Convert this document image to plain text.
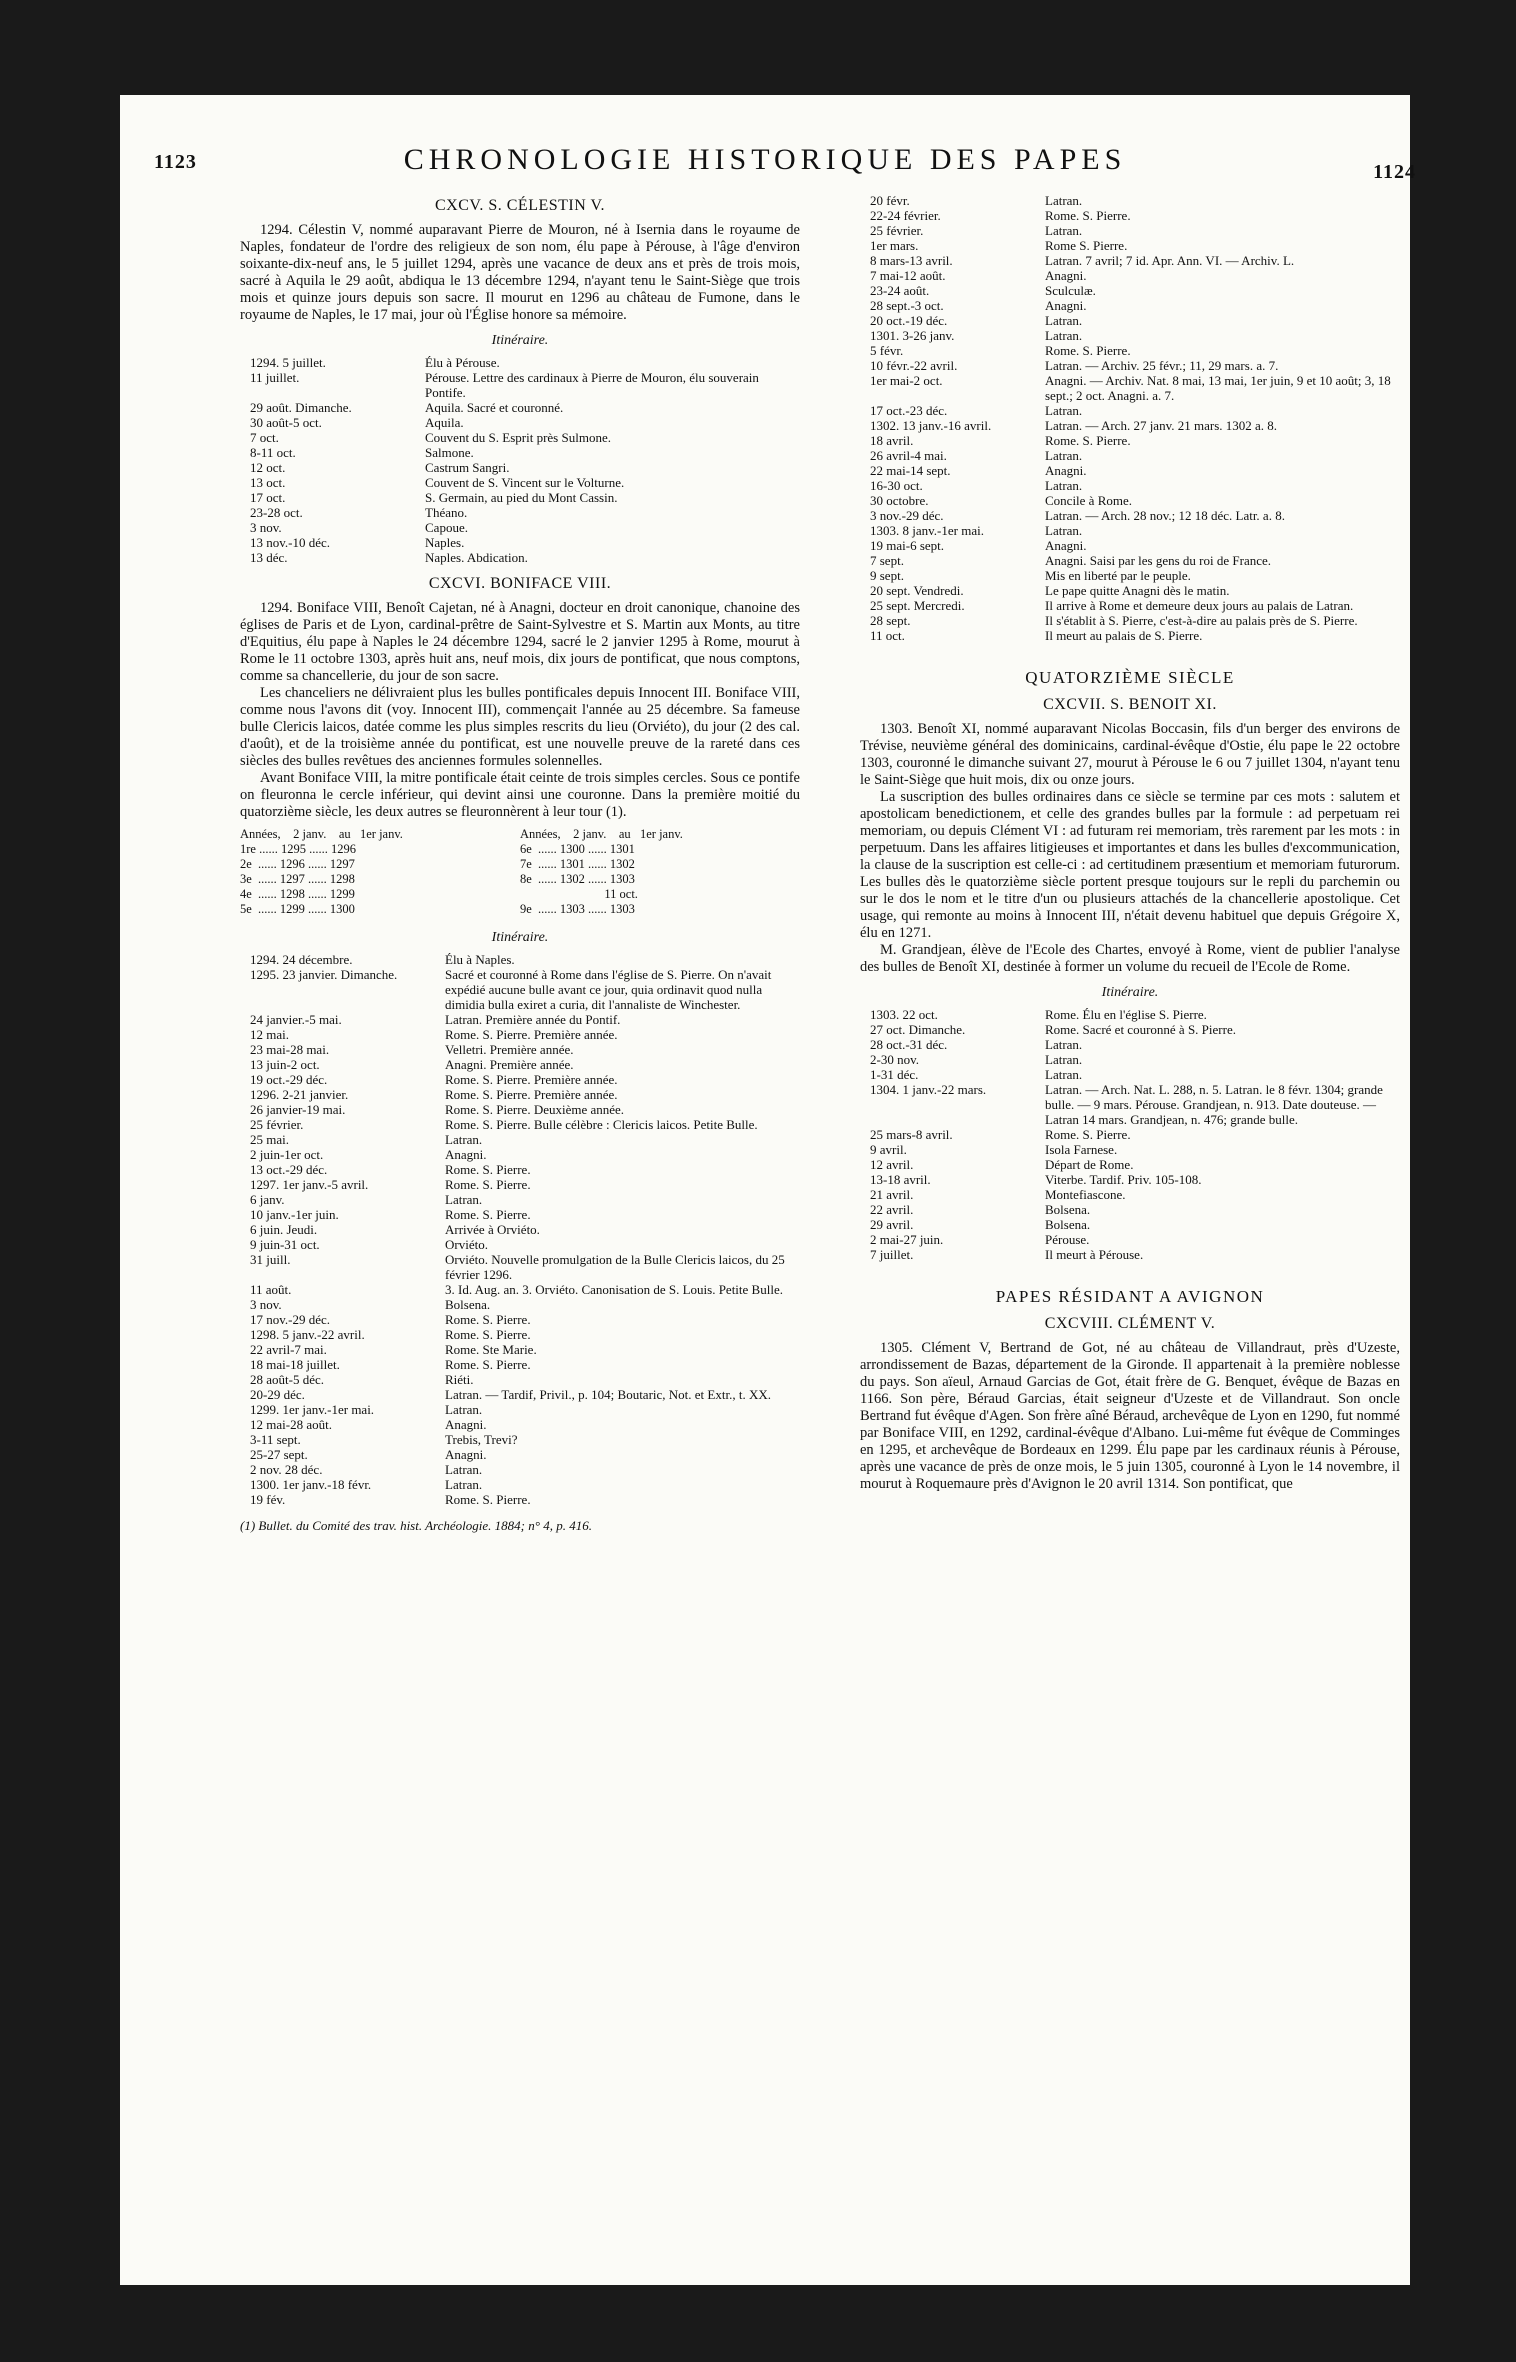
1123	CHRONOLOGIE HISTORIQUE DES PAPES	1124
CXCV. S. CÉLESTIN V.

1294. Célestin V, nommé auparavant Pierre de Mouron, né à Isernia dans le royaume de Naples, fondateur de l'ordre des religieux de son nom, élu pape à Pérouse, à l'âge d'environ soixante-dix-neuf ans, le 5 juillet 1294, après une vacance de deux ans et près de trois mois, sacré à Aquila le 29 août, abdiqua le 13 décembre 1294, n'ayant tenu le Saint-Siège que trois mois et quinze jours depuis son sacre. Il mourut en 1296 au château de Fumone, dans le royaume de Naples, le 17 mai, jour où l'Église honore sa mémoire.

Itinéraire.
1294. 5 juillet.	Élu à Pérouse.
11 juillet.	Pérouse. Lettre des cardinaux à Pierre de Mouron, élu souverain Pontife.
29 août. Dimanche.	Aquila. Sacré et couronné.
30 août-5 oct.	Aquila.
7 oct.	Couvent du S. Esprit près Sulmone.
8-11 oct.	Salmone.
12 oct.	Castrum Sangri.
13 oct.	Couvent de S. Vincent sur le Volturne.
17 oct.	S. Germain, au pied du Mont Cassin.
23-28 oct.	Théano.
3 nov.	Capoue.
13 nov.-10 déc.	Naples.
13 déc.	Naples. Abdication.
CXCVI. BONIFACE VIII.

1294. Boniface VIII, Benoît Cajetan, né à Anagni, docteur en droit canonique, chanoine des églises de Paris et de Lyon, cardinal-prêtre de Saint-Sylvestre et S. Martin aux Monts, au titre d'Equitius, élu pape à Naples le 24 décembre 1294, sacré le 2 janvier 1295 à Rome, mourut à Rome le 11 octobre 1303, après huit ans, neuf mois, dix jours de pontificat, que nous comptons, comme sa chancellerie, du jour de son sacre.

Les chanceliers ne délivraient plus les bulles pontificales depuis Innocent III. Boniface VIII, comme nous l'avons dit (voy. Innocent III), commençait l'année au 25 décembre. Sa fameuse bulle Clericis laicos, datée comme les plus simples rescrits du lieu (Orviéto), du jour (2 des cal. d'août), et de la troisième année du pontificat, est une nouvelle preuve de la rareté dans ces siècles des bulles revêtues des anciennes formules solennelles.

Avant Boniface VIII, la mitre pontificale était ceinte de trois simples cercles. Sous ce pontife on fleuronna le cercle inférieur, qui devint ainsi une couronne. Dans la première moitié du quatorzième siècle, les deux autres se fleuronnèrent à leur tour (1).

Années,    2 janv.    au   1er janv.	Années,    2 janv.    au   1er janv.
1re ...... 1295 ...... 1296	6e  ...... 1300 ...... 1301
2e  ...... 1296 ...... 1297	7e  ...... 1301 ...... 1302
3e  ...... 1297 ...... 1298	8e  ...... 1302 ...... 1303
4e  ...... 1298 ...... 1299	11 oct.
5e  ...... 1299 ...... 1300	9e  ...... 1303 ...... 1303
Itinéraire.
1294. 24 décembre.	Élu à Naples.
1295. 23 janvier. Dimanche.	Sacré et couronné à Rome dans l'église de S. Pierre. On n'avait expédié aucune bulle avant ce jour, quia ordinavit quod nulla dimidia bulla exiret a curia, dit l'annaliste de Winchester.
24 janvier.-5 mai.	Latran. Première année du Pontif.
12 mai.	Rome. S. Pierre. Première année.
23 mai-28 mai.	Velletri. Première année.
13 juin-2 oct.	Anagni. Première année.
19 oct.-29 déc.	Rome. S. Pierre. Première année.
1296. 2-21 janvier.	Rome. S. Pierre. Première année.
26 janvier-19 mai.	Rome. S. Pierre. Deuxième année.
25 février.	Rome. S. Pierre. Bulle célèbre : Clericis laicos. Petite Bulle.
25 mai.	Latran.
2 juin-1er oct.	Anagni.
13 oct.-29 déc.	Rome. S. Pierre.
1297. 1er janv.-5 avril.	Rome. S. Pierre.
6 janv.	Latran.
10 janv.-1er juin.	Rome. S. Pierre.
6 juin. Jeudi.	Arrivée à Orviéto.
9 juin-31 oct.	Orviéto.
31 juill.	Orviéto. Nouvelle promulgation de la Bulle Clericis laicos, du 25 février 1296.
11 août.	3. Id. Aug. an. 3. Orviéto. Canonisation de S. Louis. Petite Bulle.
3 nov.	Bolsena.
17 nov.-29 déc.	Rome. S. Pierre.
1298. 5 janv.-22 avril.	Rome. S. Pierre.
22 avril-7 mai.	Rome. Ste Marie.
18 mai-18 juillet.	Rome. S. Pierre.
28 août-5 déc.	Riéti.
20-29 déc.	Latran. — Tardif, Privil., p. 104; Boutaric, Not. et Extr., t. XX.
1299. 1er janv.-1er mai.	Latran.
12 mai-28 août.	Anagni.
3-11 sept.	Trebis, Trevi?
25-27 sept.	Anagni.
2 nov. 28 déc.	Latran.
1300. 1er janv.-18 févr.	Latran.
19 fév.	Rome. S. Pierre.
(1) Bullet. du Comité des trav. hist. Archéologie. 1884; n° 4, p. 416.
20 févr.	Latran.
22-24 février.	Rome. S. Pierre.
25 février.	Latran.
1er mars.	Rome S. Pierre.
8 mars-13 avril.	Latran. 7 avril; 7 id. Apr. Ann. VI. — Archiv. L.
7 mai-12 août.	Anagni.
23-24 août.	Sculculæ.
28 sept.-3 oct.	Anagni.
20 oct.-19 déc.	Latran.
1301. 3-26 janv.	Latran.
5 févr.	Rome. S. Pierre.
10 févr.-22 avril.	Latran. — Archiv. 25 févr.; 11, 29 mars. a. 7.
1er mai-2 oct.	Anagni. — Archiv. Nat. 8 mai, 13 mai, 1er juin, 9 et 10 août; 3, 18 sept.; 2 oct. Anagni. a. 7.
17 oct.-23 déc.	Latran.
1302. 13 janv.-16 avril.	Latran. — Arch. 27 janv. 21 mars. 1302 a. 8.
18 avril.	Rome. S. Pierre.
26 avril-4 mai.	Latran.
22 mai-14 sept.	Anagni.
16-30 oct.	Latran.
30 octobre.	Concile à Rome.
3 nov.-29 déc.	Latran. — Arch. 28 nov.; 12 18 déc. Latr. a. 8.
1303. 8 janv.-1er mai.	Latran.
19 mai-6 sept.	Anagni.
7 sept.	Anagni. Saisi par les gens du roi de France.
9 sept.	Mis en liberté par le peuple.
20 sept. Vendredi.	Le pape quitte Anagni dès le matin.
25 sept. Mercredi.	Il arrive à Rome et demeure deux jours au palais de Latran.
28 sept.	Il s'établit à S. Pierre, c'est-à-dire au palais près de S. Pierre.
11 oct.	Il meurt au palais de S. Pierre.
QUATORZIÈME SIÈCLE
CXCVII. S. BENOIT XI.

1303. Benoît XI, nommé auparavant Nicolas Boccasin, fils d'un berger des environs de Trévise, neuvième général des dominicains, cardinal-évêque d'Ostie, élu pape le 22 octobre 1303, couronné le dimanche suivant 27, mourut à Pérouse le 6 ou 7 juillet 1304, n'ayant tenu le Saint-Siège que huit mois, dix ou onze jours.

La suscription des bulles ordinaires dans ce siècle se termine par ces mots : salutem et apostolicam benedictionem, et celle des grandes bulles par la formule : ad perpetuam rei memoriam, ou depuis Clément VI : ad futuram rei memoriam, très rarement par les mots : in perpetuum. Dans les affaires litigieuses et importantes et dans les bulles d'excommunication, la clause de la suscription est celle-ci : ad certitudinem præsentium et memoriam futurorum. Les bulles dès le quatorzième siècle portent presque toujours sur le repli du parchemin ou sur le dos le nom et le titre d'un ou plusieurs attachés de la chancellerie apostolique. Cet usage, qui remonte au moins à Innocent III, n'était devenu habituel que depuis Grégoire X, élu en 1271.

M. Grandjean, élève de l'Ecole des Chartes, envoyé à Rome, vient de publier l'analyse des bulles de Benoît XI, destinée à former un volume du recueil de l'Ecole de Rome.

Itinéraire.
1303. 22 oct.	Rome. Élu en l'église S. Pierre.
27 oct. Dimanche.	Rome. Sacré et couronné à S. Pierre.
28 oct.-31 déc.	Latran.
2-30 nov.	Latran.
1-31 déc.	Latran.
1304. 1 janv.-22 mars.	Latran. — Arch. Nat. L. 288, n. 5. Latran. le 8 févr. 1304; grande bulle. — 9 mars. Pérouse. Grandjean, n. 913. Date douteuse. — Latran 14 mars. Grandjean, n. 476; grande bulle.
25 mars-8 avril.	Rome. S. Pierre.
9 avril.	Isola Farnese.
12 avril.	Départ de Rome.
13-18 avril.	Viterbe. Tardif. Priv. 105-108.
21 avril.	Montefiascone.
22 avril.	Bolsena.
29 avril.	Bolsena.
2 mai-27 juin.	Pérouse.
7 juillet.	Il meurt à Pérouse.
PAPES RÉSIDANT A AVIGNON
CXCVIII. CLÉMENT V.

1305. Clément V, Bertrand de Got, né au château de Villandraut, près d'Uzeste, arrondissement de Bazas, département de la Gironde. Il appartenait à la première noblesse du pays. Son aïeul, Arnaud Garcias de Got, était frère de G. Benquet, évêque de Bazas en 1166. Son père, Béraud Garcias, était seigneur d'Uzeste et de Villandraut. Son oncle Bertrand fut évêque d'Agen. Son frère aîné Béraud, archevêque de Lyon en 1290, fut nommé par Boniface VIII, en 1292, cardinal-évêque d'Albano. Lui-même fut évêque de Comminges en 1295, et archevêque de Bordeaux en 1299. Élu pape par les cardinaux réunis à Pérouse, après une vacance de près de onze mois, le 5 juin 1305, couronné à Lyon le 14 novembre, il mourut à Roquemaure près d'Avignon le 20 avril 1314. Son pontificat, que
